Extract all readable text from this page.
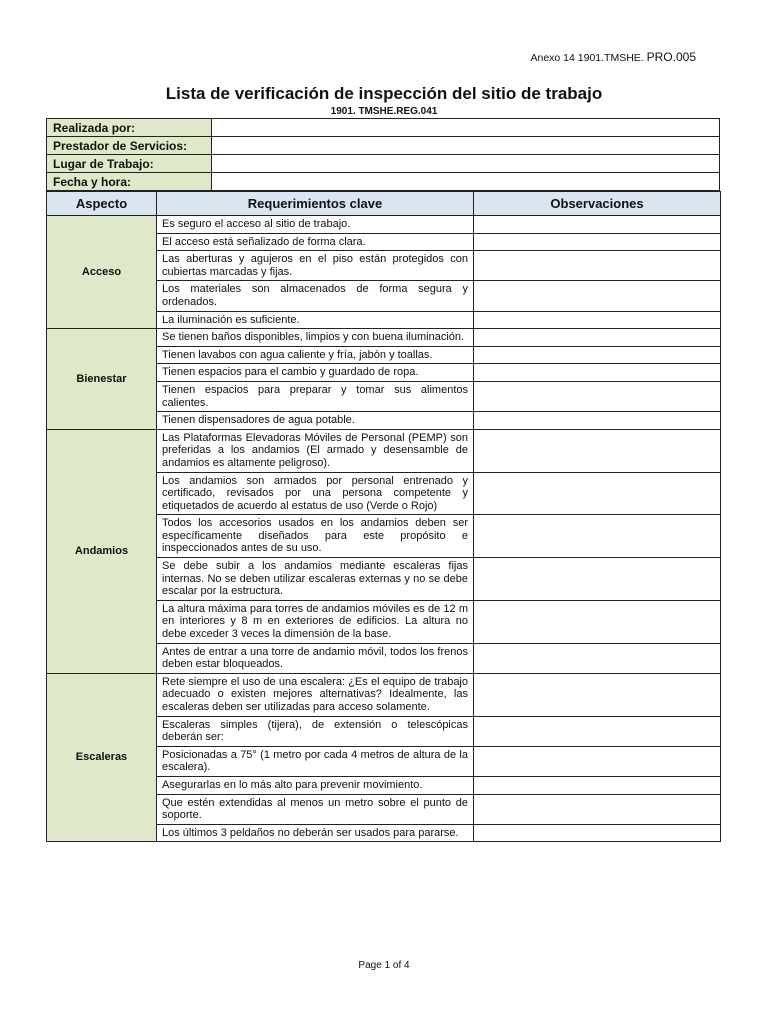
Anexo 14 1901.TMSHE. PRO.005
Lista de verificación de inspección del sitio de trabajo
1901. TMSHE.REG.041
Realizada por:	
Prestador de Servicios:	
Lugar de Trabajo:	
Fecha y hora:	
Aspecto	Requerimientos clave	Observaciones
Acceso	Es seguro el acceso al sitio de trabajo.	
	El acceso está señalizado de forma clara.	
	Las aberturas y agujeros en el piso están protegidos con cubiertas marcadas y fijas.	
	Los materiales son almacenados de forma segura y ordenados.	
	La iluminación es suficiente.	
Bienestar	Se tienen baños disponibles, limpios y con buena iluminación.	
	Tienen lavabos con agua caliente y fría, jabón y toallas.	
	Tienen espacios para el cambio y guardado de ropa.	
	Tienen espacios para preparar y tomar sus alimentos calientes.	
	Tienen dispensadores de agua potable.	
Andamios	Las Plataformas Elevadoras Móviles de Personal (PEMP) son preferidas a los andamios (El armado y desensamble de andamios es altamente peligroso).	
	Los andamios son armados por personal entrenado y certificado, revisados por una persona competente y etiquetados de acuerdo al estatus de uso (Verde o Rojo)	
	Todos los accesorios usados en los andamios deben ser específicamente diseñados para este propósito e inspeccionados antes de su uso.	
	Se debe subir a los andamios mediante escaleras fijas internas. No se deben utilizar escaleras externas y no se debe escalar por la estructura.	
	La altura máxima para torres de andamios móviles es de 12 m en interiores y 8 m en exteriores de edificios. La altura no debe exceder 3 veces la dimensión de la base.	
	Antes de entrar a una torre de andamio móvil, todos los frenos deben estar bloqueados.	
Escaleras	Rete siempre el uso de una escalera: ¿Es el equipo de trabajo adecuado o existen mejores alternativas? Idealmente, las escaleras deben ser utilizadas para acceso solamente.	
	Escaleras simples (tijera), de extensión o telescópicas deberán ser:	
	Posicionadas a 75° (1 metro por cada 4 metros de altura de la escalera).	
	Asegurarlas en lo más alto para prevenir movimiento.	
	Que estén extendidas al menos un metro sobre el punto de soporte.	
	Los últimos 3 peldaños no deberán ser usados para pararse.	
Page 1 of 4
